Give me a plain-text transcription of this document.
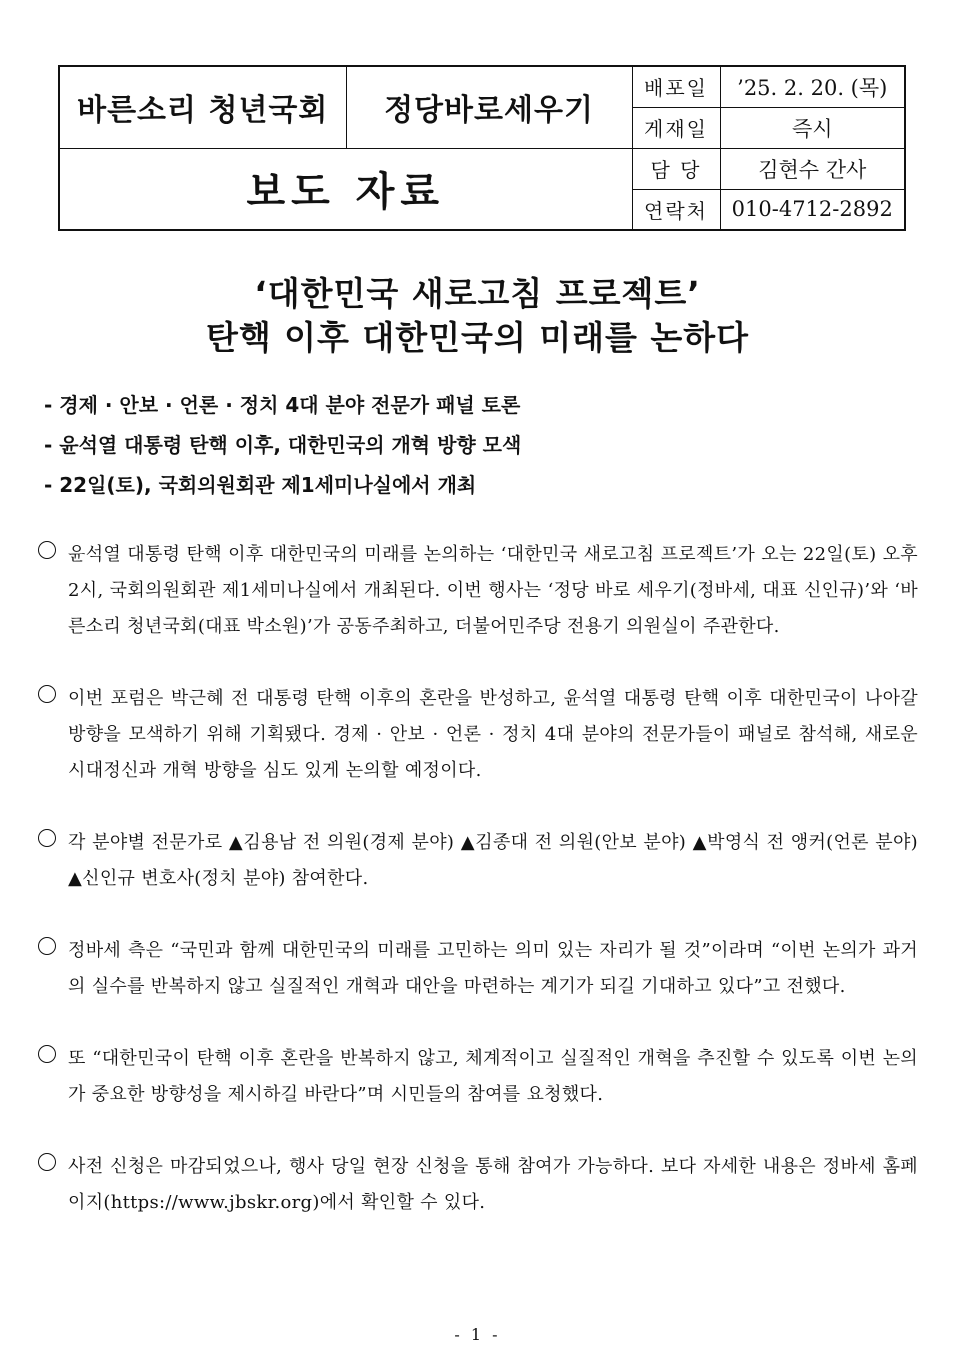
바른소리 청년국회	정당바로세우기	배포일	’25. 2. 20. (목)
		게재일	즉시
보도 자료		담 당	김현수 간사
		연락처	010-4712-2892
‘대한민국 새로고침 프로젝트’
탄핵 이후 대한민국의 미래를 논하다
- 경제 · 안보 · 언론 · 정치 4대 분야 전문가 패널 토론
- 윤석열 대통령 탄핵 이후, 대한민국의 개혁 방향 모색
- 22일(토), 국회의원회관 제1세미나실에서 개최
윤석열 대통령 탄핵 이후 대한민국의 미래를 논의하는 ‘대한민국 새로고침 프로젝트’가 오는 22일(토) 오후 2시, 국회의원회관 제1세미나실에서 개최된다. 이번 행사는 ‘정당 바로 세우기(정바세, 대표 신인규)’와 ‘바른소리 청년국회(대표 박소원)’가 공동주최하고, 더불어민주당 전용기 의원실이 주관한다.
이번 포럼은 박근혜 전 대통령 탄핵 이후의 혼란을 반성하고, 윤석열 대통령 탄핵 이후 대한민국이 나아갈 방향을 모색하기 위해 기획됐다. 경제 · 안보 · 언론 · 정치 4대 분야의 전문가들이 패널로 참석해, 새로운 시대정신과 개혁 방향을 심도 있게 논의할 예정이다.
각 분야별 전문가로 ▲김용남 전 의원(경제 분야) ▲김종대 전 의원(안보 분야) ▲박영식 전 앵커(언론 분야) ▲신인규 변호사(정치 분야) 참여한다.
정바세 측은 “국민과 함께 대한민국의 미래를 고민하는 의미 있는 자리가 될 것”이라며 “이번 논의가 과거의 실수를 반복하지 않고 실질적인 개혁과 대안을 마련하는 계기가 되길 기대하고 있다”고 전했다.
또 “대한민국이 탄핵 이후 혼란을 반복하지 않고, 체계적이고 실질적인 개혁을 추진할 수 있도록 이번 논의가 중요한 방향성을 제시하길 바란다”며 시민들의 참여를 요청했다.
사전 신청은 마감되었으나, 행사 당일 현장 신청을 통해 참여가 가능하다. 보다 자세한 내용은 정바세 홈페이지(https://www.jbskr.org)에서 확인할 수 있다.
- 1 -
